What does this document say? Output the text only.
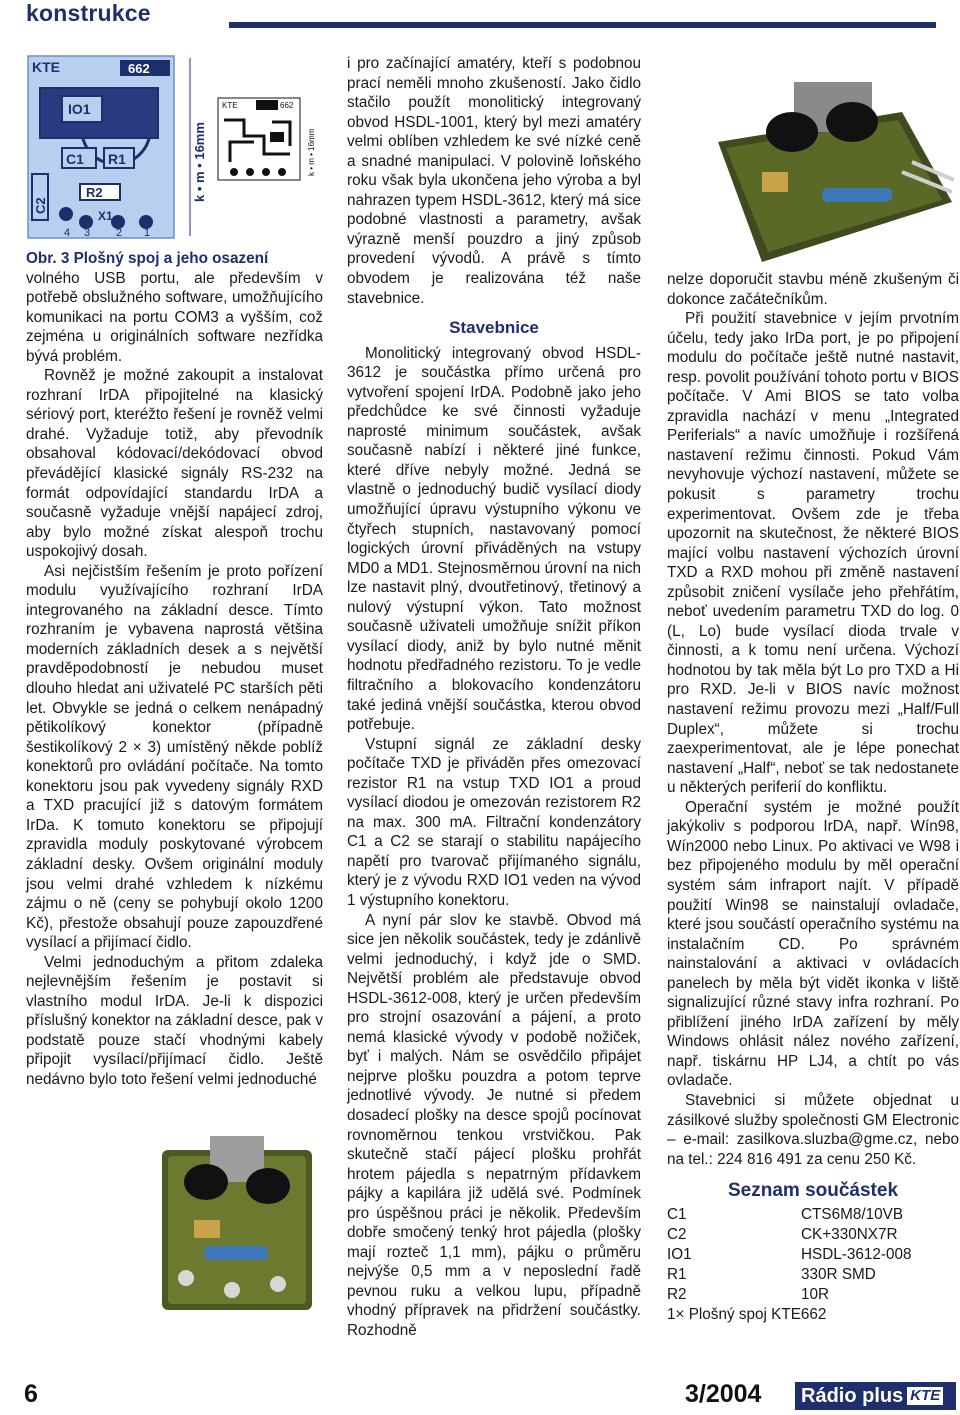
konstrukce
KTE	662
IO1
C1 R1
C2
R2
X1
4 3 2 1
k • m • 16mm
KTE	662
k • m • 16mm

Obr. 3 Plošný spoj a jeho osazení

volného USB portu, ale především v potřebě obslužného software, umožňujícího komunikaci na portu COM3 a vyšším, což zejména u originálních software nezřídka bývá problém.

Rovněž je možné zakoupit a instalovat rozhraní IrDA připojitelné na klasický sériový port, kteréžto řešení je rovněž velmi drahé. Vyžaduje totiž, aby převodník obsahoval kódovací/dekódovací obvod převádějící klasické signály RS-232 na formát odpovídající standardu IrDA a současně vyžaduje vnější napájecí zdroj, aby bylo možné získat alespoň trochu uspokojivý dosah.

Asi nejčistším řešením je proto pořízení modulu využívajícího rozhraní IrDA integrovaného na základní desce. Tímto rozhraním je vybavena naprostá většina moderních základních desek a s největší pravděpodobností je nebudou muset dlouho hledat ani uživatelé PC starších pěti let. Obvykle se jedná o celkem nenápadný pětikolíkový konektor (případně šestikolíkový 2 × 3) umístěný někde poblíž konektorů pro ovládání počítače. Na tomto konektoru jsou pak vyvedeny signály RXD a TXD pracující již s datovým formátem IrDa. K tomuto konektoru se připojují zpravidla moduly poskytované výrobcem základní desky. Ovšem originální moduly jsou velmi drahé vzhledem k nízkému zájmu o ně (ceny se pohybují okolo 1200 Kč), přestože obsahují pouze zapouzdřené vysílací a přijímací čidlo.

Velmi jednoduchým a přitom zdaleka nejlevnějším řešením je postavit si vlastního modul IrDA. Je-li k dispozici příslušný konektor na základní desce, pak v podstatě pouze stačí vhodnými kabely připojit vysílací/přijímací čidlo. Ještě nedávno bylo toto řešení velmi jednoduché

i pro začínající amatéry, kteří s podobnou prací neměli mnoho zkušeností. Jako čidlo stačilo použít monolitický integrovaný obvod HSDL-1001, který byl mezi amatéry velmi oblíben vzhledem ke své nízké ceně a snadné manipulaci. V polovině loňského roku však byla ukončena jeho výroba a byl nahrazen typem HSDL-3612, který má sice podobné vlastnosti a parametry, avšak výrazně menší pouzdro a jiný způsob provedení vývodů. A právě s tímto obvodem je realizována též naše stavebnice.

Stavebnice

Monolitický integrovaný obvod HSDL-3612 je součástka přímo určená pro vytvoření spojení IrDA. Podobně jako jeho předchůdce ke své činnosti vyžaduje naprosté minimum součástek, avšak současně nabízí i některé jiné funkce, které dříve nebyly možné. Jedná se vlastně o jednoduchý budič vysílací diody umožňující úpravu výstupního výkonu ve čtyřech stupních, nastavovaný pomocí logických úrovní přiváděných na vstupy MD0 a MD1. Stejnosměrnou úrovní na nich lze nastavit plný, dvoutřetinový, třetinový a nulový výstupní výkon. Tato možnost současně uživateli umožňuje snížit příkon vysílací diody, aniž by bylo nutné měnit hodnotu předřadného rezistoru. To je vedle filtračního a blokovacího kondenzátoru také jediná vnější součástka, kterou obvod potřebuje.

Vstupní signál ze základní desky počítače TXD je přiváděn přes omezovací rezistor R1 na vstup TXD IO1 a proud vysílací diodou je omezován rezistorem R2 na max. 300 mA. Filtrační kondenzátory C1 a C2 se starají o stabilitu napájecího napětí pro tvarovač přijímaného signálu, který je z vývodu RXD IO1 veden na vývod 1 výstupního konektoru.

A nyní pár slov ke stavbě. Obvod má sice jen několik součástek, tedy je zdánlivě velmi jednoduchý, i když jde o SMD. Největší problém ale představuje obvod HSDL-3612-008, který je určen především pro strojní osazování a pájení, a proto nemá klasické vývody v podobě nožiček, byť i malých. Nám se osvědčilo připájet nejprve plošku pouzdra a potom teprve jednotlivé vývody. Je nutné si předem dosadecí plošky na desce spojů pocínovat rovnoměrnou tenkou vrstvičkou. Pak skutečně stačí pájecí plošku prohřát hrotem pájedla s nepatrným přídavkem pájky a kapilára již udělá své. Podmínek pro úspěšnou práci je několik. Především dobře smočený tenký hrot pájedla (plošky mají rozteč 1,1 mm), pájku o průměru nejvýše 0,5 mm a v neposlední řadě pevnou ruku a velkou lupu, případně vhodný přípravek na přidržení součástky. Rozhodně

nelze doporučit stavbu méně zkušeným či dokonce začátečníkům.

Při použití stavebnice v jejím prvotním účelu, tedy jako IrDa port, je po připojení modulu do počítače ještě nutné nastavit, resp. povolit používání tohoto portu v BIOS počítače. V Ami BIOS se tato volba zpravidla nachází v menu „Integrated Periferials“ a navíc umožňuje i rozšířená nastavení režimu činnosti. Pokud Vám nevyhovuje výchozí nastavení, můžete se pokusit s parametry trochu experimentovat. Ovšem zde je třeba upozornit na skutečnost, že některé BIOS mající volbu nastavení výchozích úrovní TXD a RXD mohou při změně nastavení způsobit zničení vysílače jeho přehřátím, neboť uvedením parametru TXD do log. 0 (L, Lo) bude vysílací dioda trvale v činnosti, a k tomu není určena. Výchozí hodnotou by tak měla být Lo pro TXD a Hi pro RXD. Je-li v BIOS navíc možnost nastavení režimu provozu mezi „Half/Full Duplex“, můžete si trochu zaexperimentovat, ale je lépe ponechat nastavení „Half“, neboť se tak nedostanete u některých periferií do konfliktu.

Operační systém je možné použít jakýkoliv s podporou IrDA, např. Wín98, Wín2000 nebo Linux. Po aktivaci ve W98 i bez připojeného modulu by měl operační systém sám infraport najít. V případě použití Win98 se nainstalují ovladače, které jsou součástí operačního systému na instalačním CD. Po správném nainstalování a aktivaci v ovládacích panelech by měla být vidět ikonka v liště signalizující různé stavy infra rozhraní. Po přiblížení jiného IrDA zařízení by měly Windows ohlásit nález nového zařízení, např. tiskárnu HP LJ4, a chtít po vás ovladače.

Stavebnici si můžete objednat u zásilkové služby společnosti GM Electronic – e-mail: zasilkova.sluzba@gme.cz, nebo na tel.: 224 816 491 za cenu 250 Kč.

Seznam součástek
C1	CTS6M8/10VB
C2	CK+330NX7R
IO1	HSDL-3612-008
R1	330R SMD
R2	10R
1× Plošný spoj KTE662	
6	3/2004	Rádio plus KTE
